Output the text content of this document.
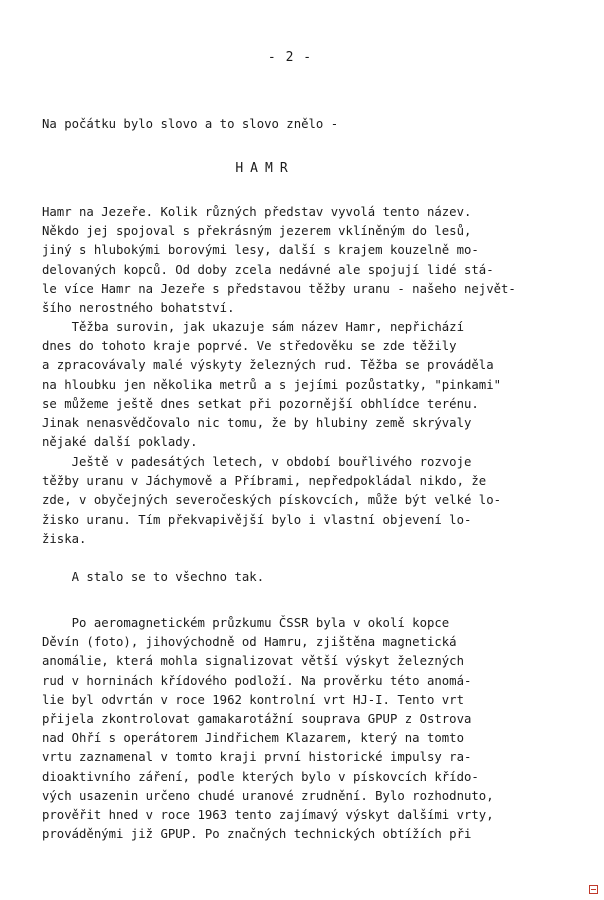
- 2 -
Na počátku bylo slovo a to slovo znělo -
HAMR
Hamr na Jezeře. Kolik různých představ vyvolá tento název.
Někdo jej spojoval s překrásným jezerem vklíněným do lesů,
jiný s hlubokými borovými lesy, další s krajem kouzelně mo-
delovaných kopců. Od doby zcela nedávné ale spojují lidé stá-
le více Hamr na Jezeře s představou těžby uranu - našeho největ-
šího nerostného bohatství.
Těžba surovin, jak ukazuje sám název Hamr, nepřichází
dnes do tohoto kraje poprvé. Ve středověku se zde těžily
a zpracovávaly malé výskyty železných rud. Těžba se prováděla
na hloubku jen několika metrů a s jejími pozůstatky, "pinkami"
se můžeme ještě dnes setkat při pozornější obhlídce terénu.
Jinak nenasvědčovalo nic tomu, že by hlubiny země skrývaly
nějaké další poklady.
Ještě v padesátých letech, v období bouřlivého rozvoje
těžby uranu v Jáchymově a Příbrami, nepředpokládal nikdo, že
zde, v obyčejných severočeských pískovcích, může být velké lo-
žisko uranu. Tím překvapivější bylo i vlastní objevení lo-
žiska.
A stalo se to všechno tak.
Po aeromagnetickém průzkumu ČSSR byla v okolí kopce
Děvín (foto), jihovýchodně od Hamru, zjištěna magnetická
anomálie, která mohla signalizovat větší výskyt železných
rud v horninách křídového podloží. Na prověrku této anomá-
lie byl odvrtán v roce 1962 kontrolní vrt HJ-I. Tento vrt
přijela zkontrolovat gamakarotážní souprava GPUP z Ostrova
nad Ohří s operátorem Jindřichem Klazarem, který na tomto
vrtu zaznamenal v tomto kraji první historické impulsy ra-
dioaktivního záření, podle kterých bylo v pískovcích křído-
vých usazenin určeno chudé uranové zrudnění. Bylo rozhodnuto,
prověřit hned v roce 1963 tento zajímavý výskyt dalšími vrty,
prováděnými již GPUP. Po značných technických obtížích při
